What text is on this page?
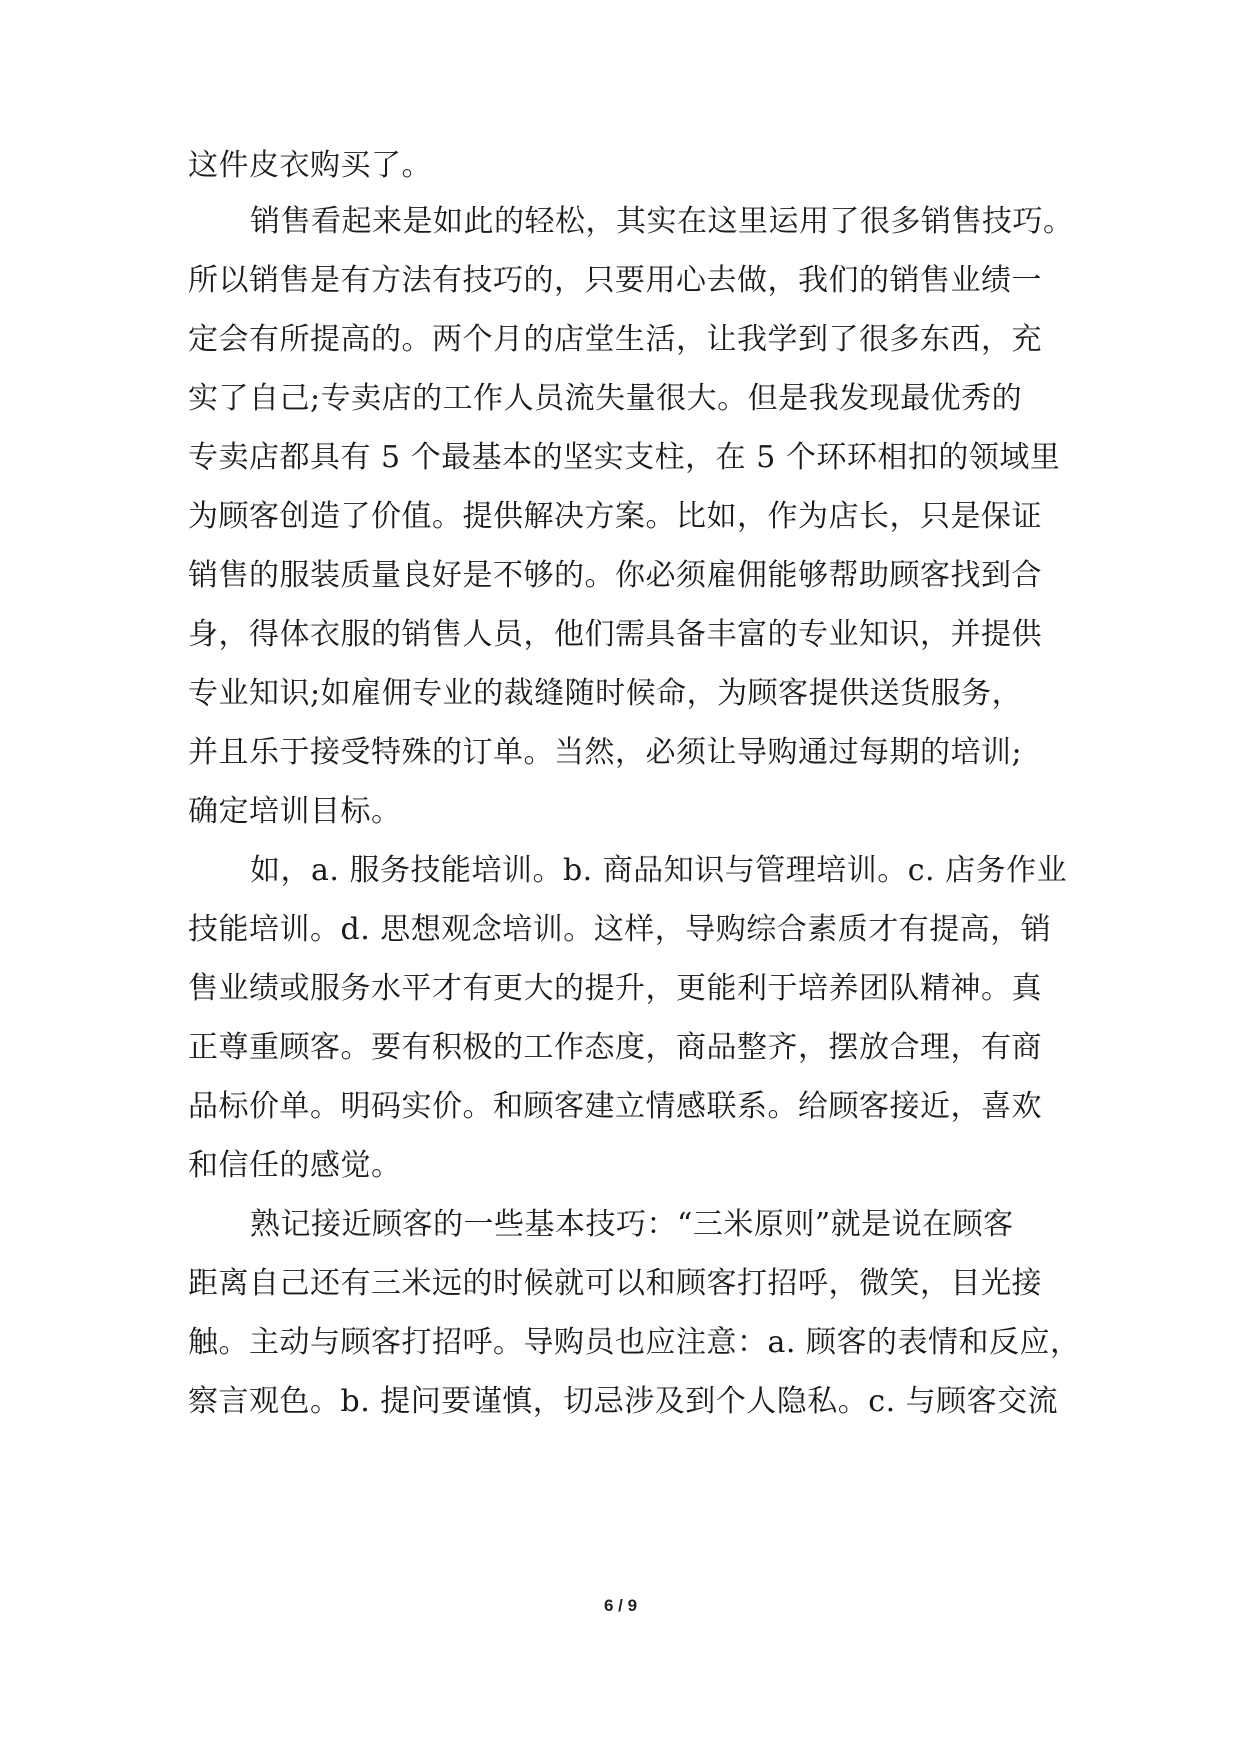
这件皮衣购买了。
销售看起来是如此的轻松，其实在这里运用了很多销售技巧。
所以销售是有方法有技巧的，只要用心去做，我们的销售业绩一
定会有所提高的。两个月的店堂生活，让我学到了很多东西，充
实了自己;专卖店的工作人员流失量很大。但是我发现最优秀的
专卖店都具有 5 个最基本的坚实支柱，在 5 个环环相扣的领域里
为顾客创造了价值。提供解决方案。比如，作为店长，只是保证
销售的服装质量良好是不够的。你必须雇佣能够帮助顾客找到合
身，得体衣服的销售人员，他们需具备丰富的专业知识，并提供
专业知识;如雇佣专业的裁缝随时候命，为顾客提供送货服务，
并且乐于接受特殊的订单。当然，必须让导购通过每期的培训;
确定培训目标。
如，a. 服务技能培训。b. 商品知识与管理培训。c. 店务作业
技能培训。d. 思想观念培训。这样，导购综合素质才有提高，销
售业绩或服务水平才有更大的提升，更能利于培养团队精神。真
正尊重顾客。要有积极的工作态度，商品整齐，摆放合理，有商
品标价单。明码实价。和顾客建立情感联系。给顾客接近，喜欢
和信任的感觉。
熟记接近顾客的一些基本技巧：“三米原则”就是说在顾客
距离自己还有三米远的时候就可以和顾客打招呼，微笑，目光接
触。主动与顾客打招呼。导购员也应注意：a. 顾客的表情和反应，
察言观色。b. 提问要谨慎，切忌涉及到个人隐私。c. 与顾客交流
6 / 9
